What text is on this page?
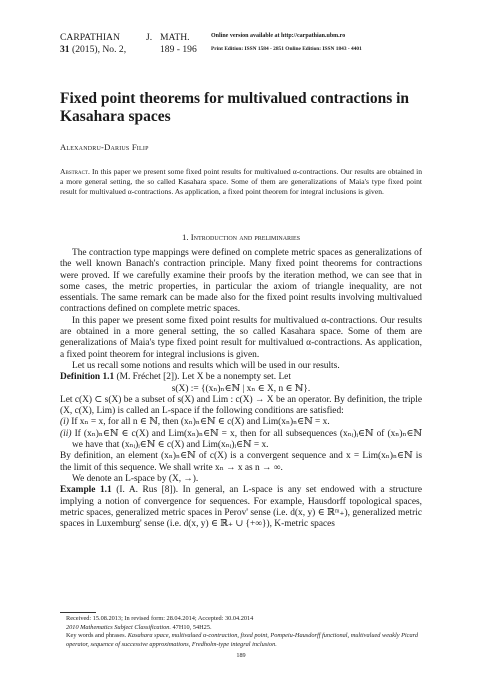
CARPATHIAN	J.
31 (2015), No. 2,
MATH.
189 - 196
Online version available at http://carpathian.ubm.ro
Print Edition: ISSN 1584 - 2851 Online Edition: ISSN 1843 - 4401
Fixed point theorems for multivalued contractions in Kasahara spaces
Alexandru-Darius Filip
Abstract. In this paper we present some fixed point results for multivalued α-contractions. Our results are obtained in a more general setting, the so called Kasahara space. Some of them are generalizations of Maia's type fixed point result for multivalued α-contractions. As application, a fixed point theorem for integral inclusions is given.
1. Introduction and preliminaries

The contraction type mappings were defined on complete metric spaces as generalizations of the well known Banach's contraction principle. Many fixed point theorems for contractions were proved. If we carefully examine their proofs by the iteration method, we can see that in some cases, the metric properties, in particular the axiom of triangle inequality, are not essentials. The same remark can be made also for the fixed point results involving multivalued contractions defined on complete metric spaces.

In this paper we present some fixed point results for multivalued α-contractions. Our results are obtained in a more general setting, the so called Kasahara space. Some of them are generalizations of Maia's type fixed point result for multivalued α-contractions. As application, a fixed point theorem for integral inclusions is given.

Let us recall some notions and results which will be used in our results.

Definition 1.1 (M. Fréchet [2]). Let X be a nonempty set. Let

s(X) := {(xₙ)ₙ∈ℕ | xₙ ∈ X, n ∈ ℕ}.

Let c(X) ⊂ s(X) be a subset of s(X) and Lim : c(X) → X be an operator. By definition, the triple (X, c(X), Lim) is called an L-space if the following conditions are satisfied:

(i) If xₙ = x, for all n ∈ ℕ, then (xₙ)ₙ∈ℕ ∈ c(X) and Lim(xₙ)ₙ∈ℕ = x.

(ii) If (xₙ)ₙ∈ℕ ∈ c(X) and Lim(xₙ)ₙ∈ℕ = x, then for all subsequences (xₙᵢ)ᵢ∈ℕ of (xₙ)ₙ∈ℕ we have that (xₙᵢ)ᵢ∈ℕ ∈ c(X) and Lim(xₙᵢ)ᵢ∈ℕ = x.

By definition, an element (xₙ)ₙ∈ℕ of c(X) is a convergent sequence and x = Lim(xₙ)ₙ∈ℕ is the limit of this sequence. We shall write xₙ → x as n → ∞.

We denote an L-space by (X, →).

Example 1.1 (I. A. Rus [8]). In general, an L-space is any set endowed with a structure implying a notion of convergence for sequences. For example, Hausdorff topological spaces, metric spaces, generalized metric spaces in Perov' sense (i.e. d(x, y) ∈ ℝᵐ₊), generalized metric spaces in Luxemburg' sense (i.e. d(x, y) ∈ ℝ₊ ∪ {+∞}), K-metric spaces

Received: 15.08.2013; In revised form: 28.04.2014; Accepted: 30.04.2014

2010 Mathematics Subject Classification. 47H10, 54H25.

Key words and phrases. Kasahara space, multivalued α-contraction, fixed point, Pompeiu-Hausdorff functional, multivalued weakly Picard operator, sequence of successive approximations, Fredholm-type integral inclusion.

189
